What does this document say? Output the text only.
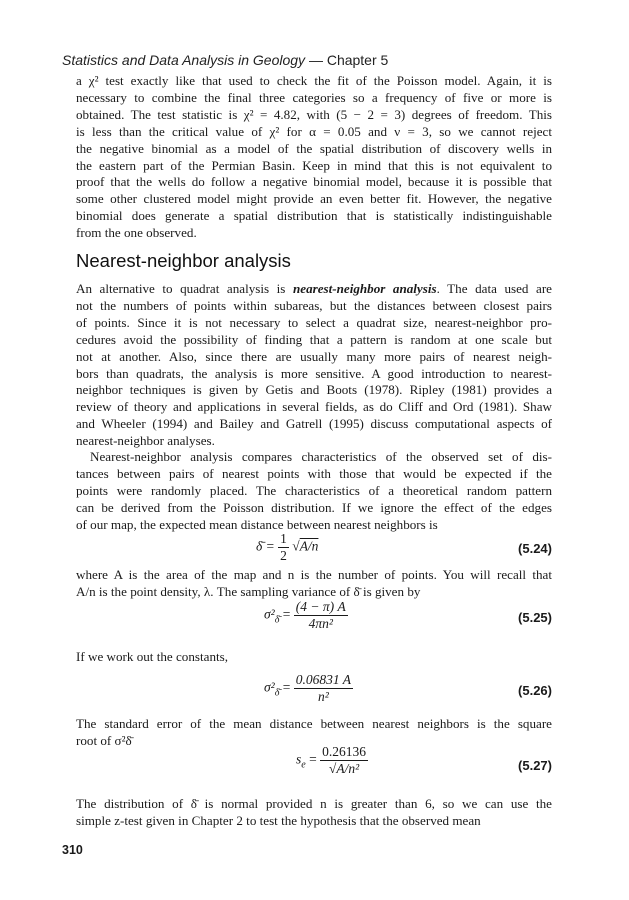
Statistics and Data Analysis in Geology — Chapter 5
a χ² test exactly like that used to check the fit of the Poisson model. Again, it is
necessary to combine the final three categories so a frequency of five or more is
obtained. The test statistic is χ² = 4.82, with (5 − 2 = 3) degrees of freedom. This
is less than the critical value of χ² for α = 0.05 and ν = 3, so we cannot reject
the negative binomial as a model of the spatial distribution of discovery wells in
the eastern part of the Permian Basin. Keep in mind that this is not equivalent to
proof that the wells do follow a negative binomial model, because it is possible that
some other clustered model might provide an even better fit. However, the negative
binomial does generate a spatial distribution that is statistically indistinguishable
from the one observed.
Nearest-neighbor analysis
An alternative to quadrat analysis is nearest-neighbor analysis. The data used are
not the numbers of points within subareas, but the distances between closest pairs
of points. Since it is not necessary to select a quadrat size, nearest-neighbor pro-
cedures avoid the possibility of finding that a pattern is random at one scale but
not at another. Also, since there are usually many more pairs of nearest neigh-
bors than quadrats, the analysis is more sensitive. A good introduction to nearest-
neighbor techniques is given by Getis and Boots (1978). Ripley (1981) provides a
review of theory and applications in several fields, as do Cliff and Ord (1981). Shaw
and Wheeler (1994) and Bailey and Gatrell (1995) discuss computational aspects of
nearest-neighbor analyses.
Nearest-neighbor analysis compares characteristics of the observed set of dis-
tances between pairs of nearest points with those that would be expected if the
points were randomly placed. The characteristics of a theoretical random pattern
can be derived from the Poisson distribution. If we ignore the effect of the edges
of our map, the expected mean distance between nearest neighbors is
δ̄ = $\frac{1}{2} √A/n$	(5.24)
where A is the area of the map and n is the number of points. You will recall that
A/n is the point density, λ. The sampling variance of δ̄ is given by
$\sigma^2_{\deltā} = \frac{(4 - \pi) A}{\text{4πn²}}$	(5.25)
If we work out the constants,
$\sigma^2_{\deltā} = \frac{0.06831 A}{\text{n²}}$	(5.26)
The standard error of the mean distance between nearest neighbors is the square
root of σ²δ̄
$s_e = \frac{0.26136}{\text{√A/n²}}$	(5.27)
The distribution of δ̄ is normal provided n is greater than 6, so we can use the
simple z-test given in Chapter 2 to test the hypothesis that the observed mean
310
